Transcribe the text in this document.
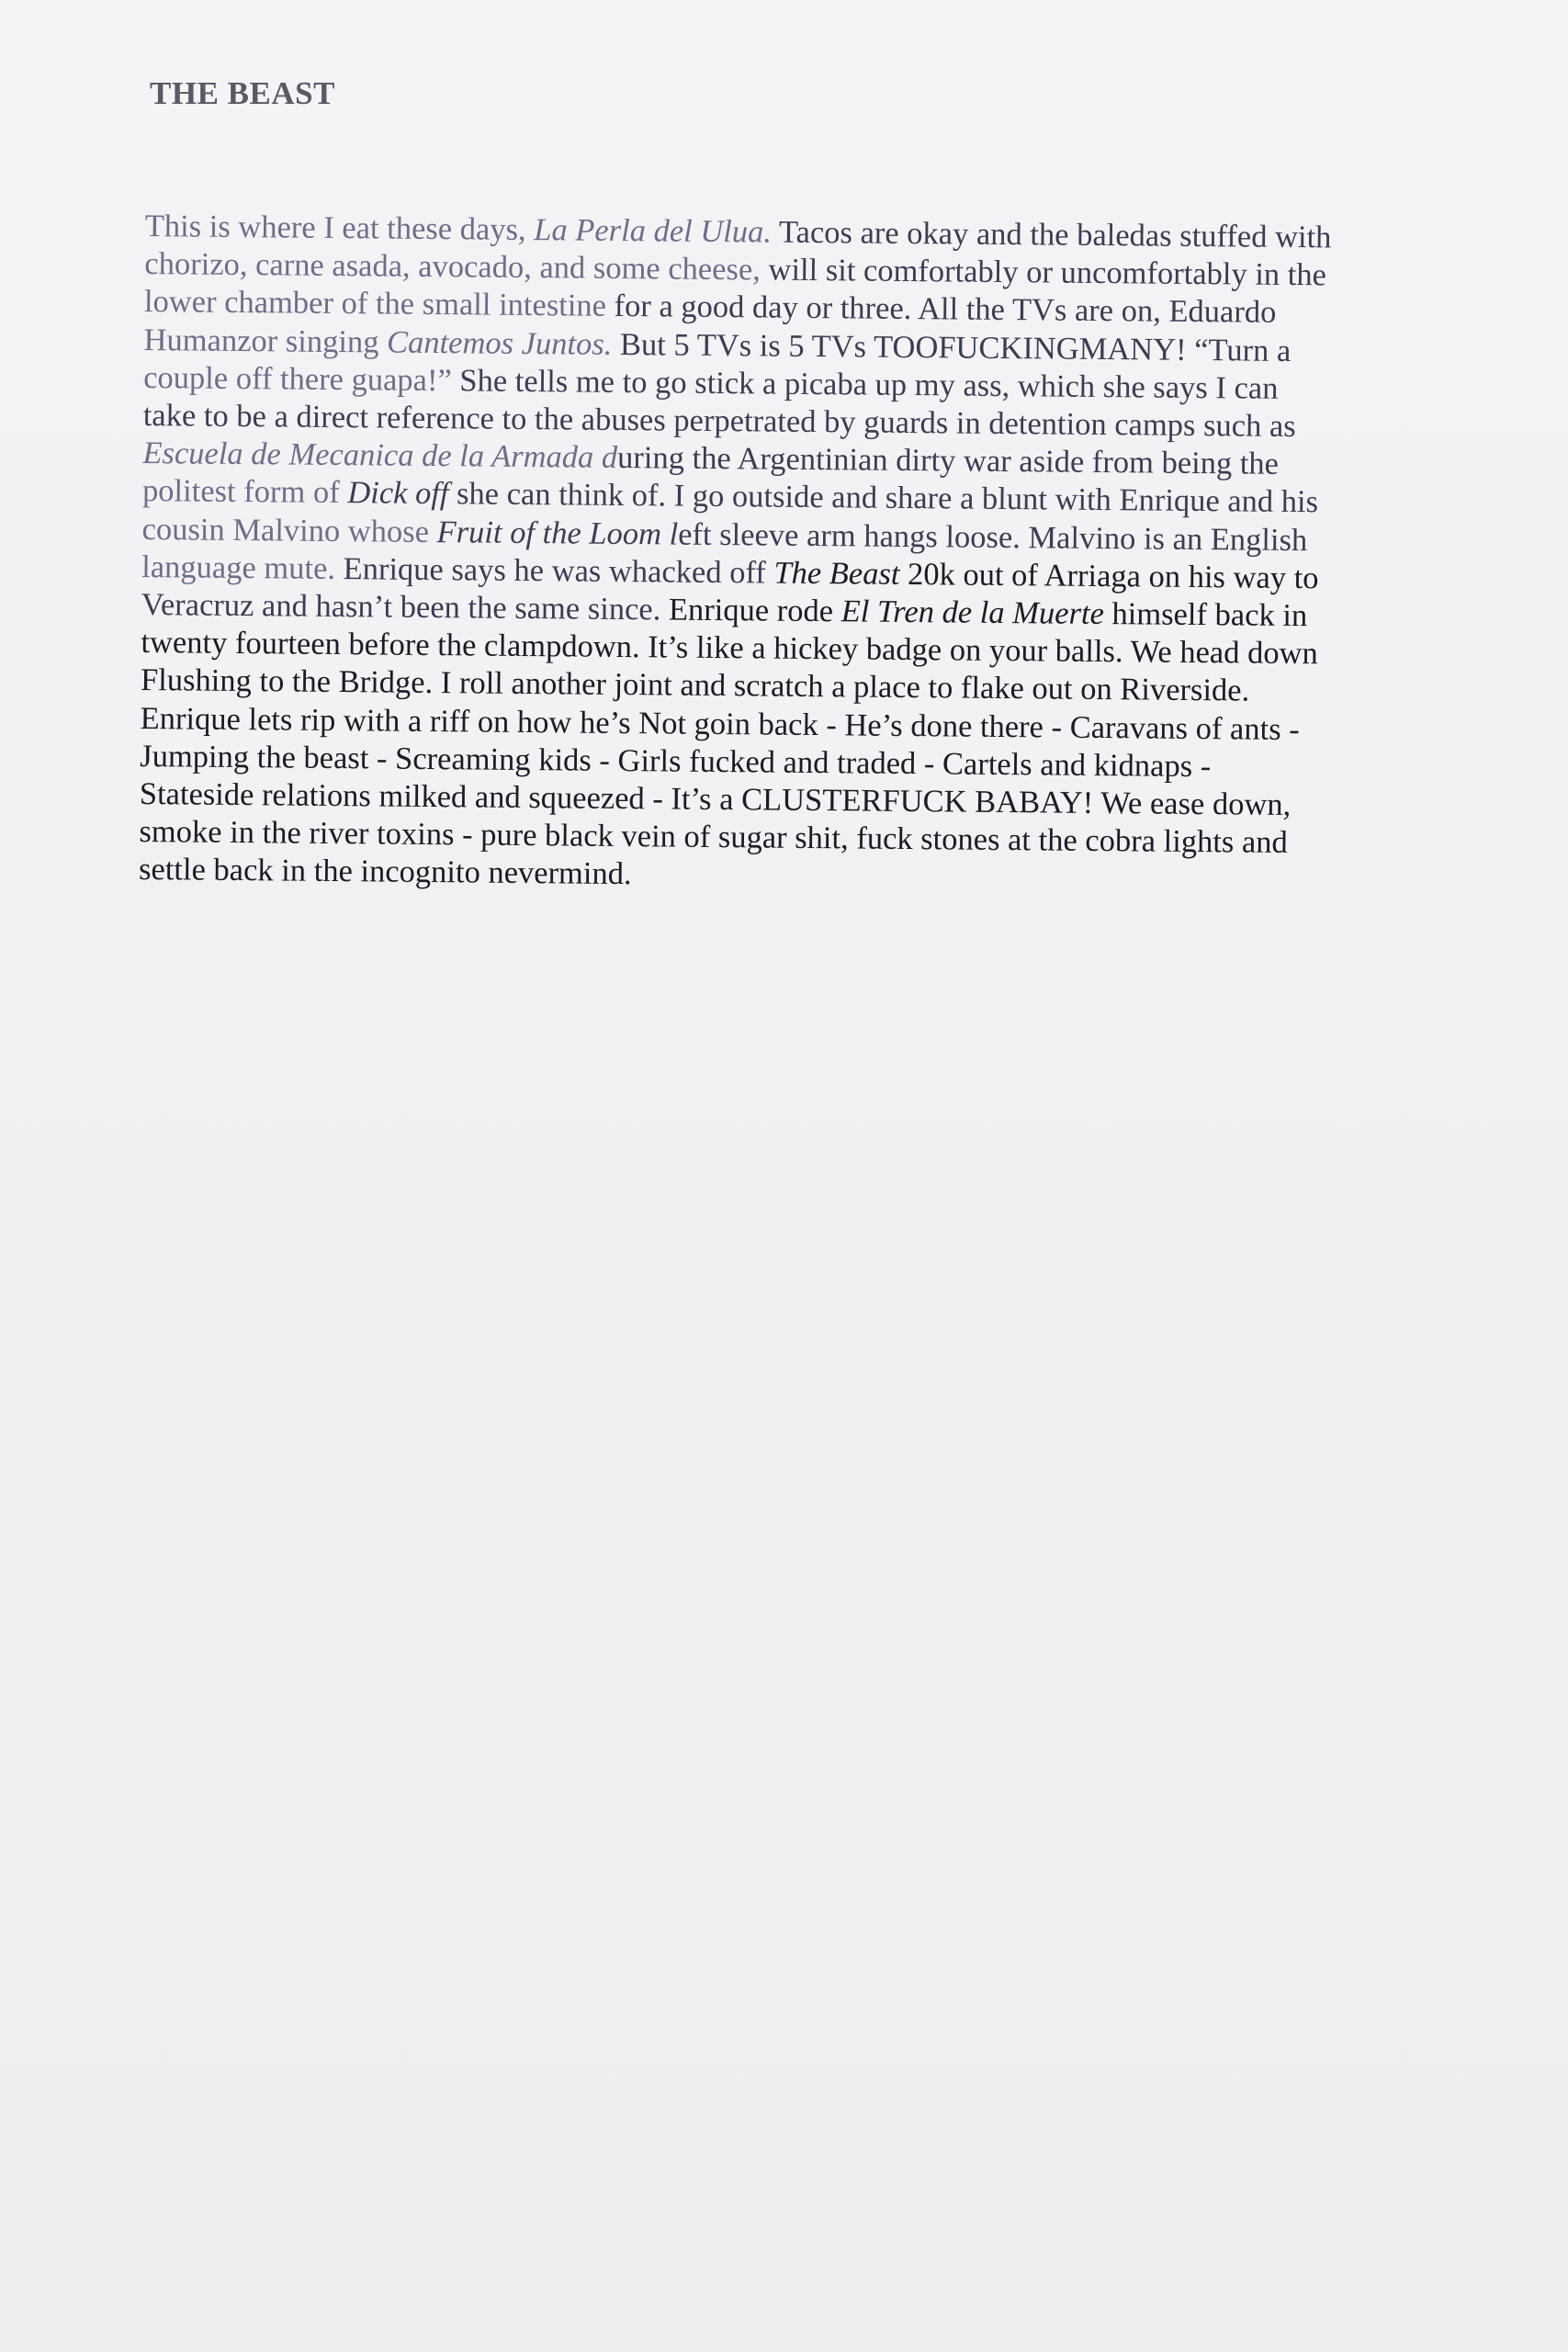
THE BEAST
This is where I eat these days, La Perla del Ulua. Tacos are okay and the baledas stuffed with
chorizo, carne asada, avocado, and some cheese, will sit comfortably or uncomfortably in the
lower chamber of the small intestine for a good day or three. All the TVs are on, Eduardo
Humanzor singing Cantemos Juntos. But 5 TVs is 5 TVs TOOFUCKINGMANY! “Turn a
couple off there guapa!” She tells me to go stick a picaba up my ass, which she says I can
take to be a direct reference to the abuses perpetrated by guards in detention camps such as
Escuela de Mecanica de la Armada during the Argentinian dirty war aside from being the
politest form of Dick off she can think of. I go outside and share a blunt with Enrique and his
cousin Malvino whose Fruit of the Loom left sleeve arm hangs loose. Malvino is an English
language mute. Enrique says he was whacked off The Beast 20k out of Arriaga on his way to
Veracruz and hasn’t been the same since. Enrique rode El Tren de la Muerte himself back in
twenty fourteen before the clampdown. It’s like a hickey badge on your balls. We head down
Flushing to the Bridge. I roll another joint and scratch a place to flake out on Riverside.
Enrique lets rip with a riff on how he’s Not goin back - He’s done there - Caravans of ants -
Jumping the beast - Screaming kids - Girls fucked and traded - Cartels and kidnaps -
Stateside relations milked and squeezed - It’s a CLUSTERFUCK BABAY! We ease down,
smoke in the river toxins - pure black vein of sugar shit, fuck stones at the cobra lights and
settle back in the incognito nevermind.
